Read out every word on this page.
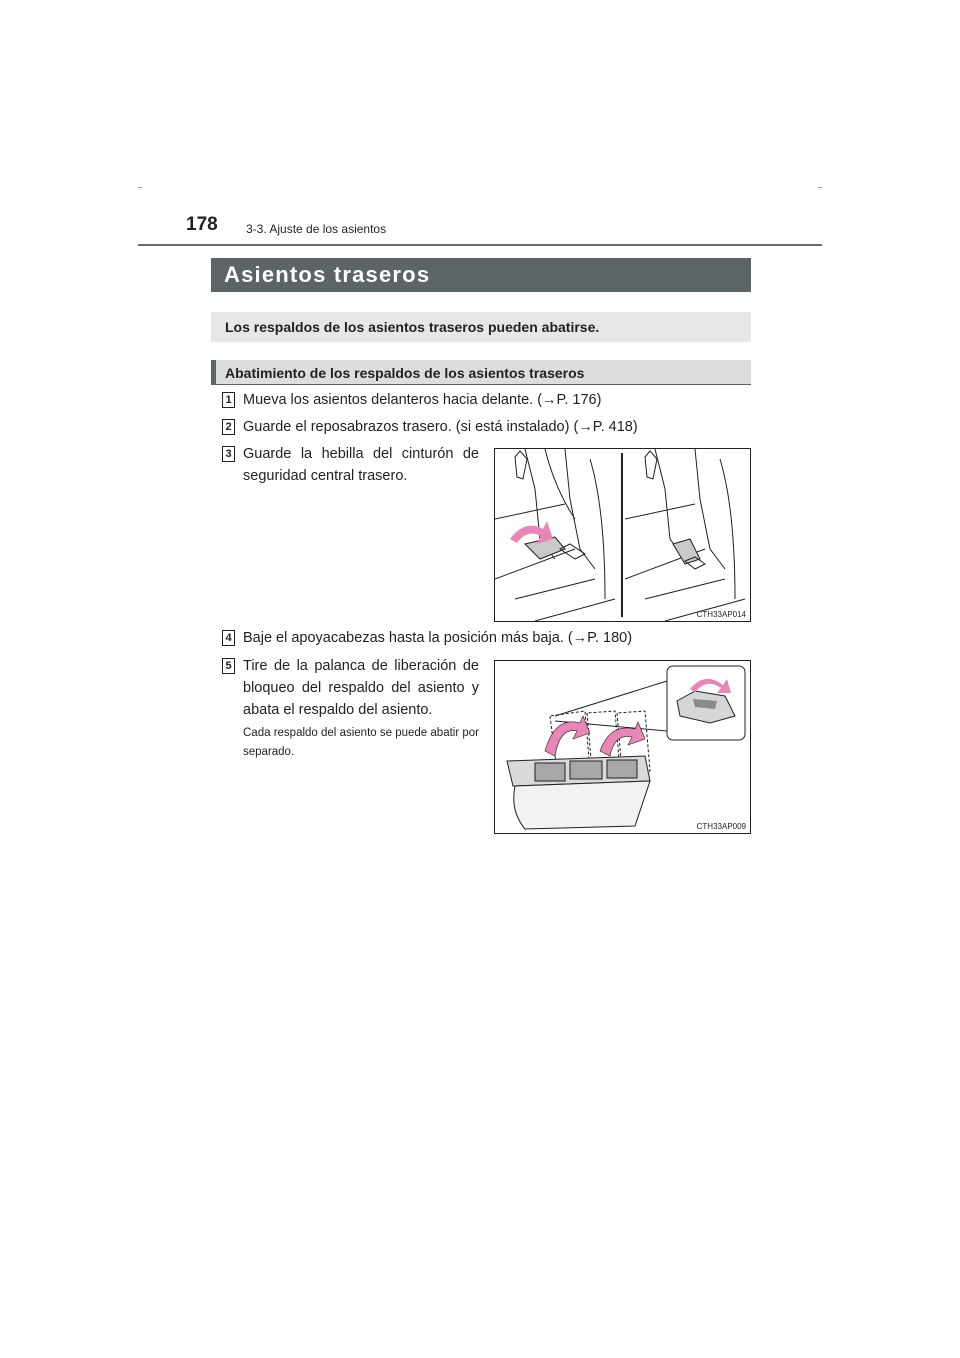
178 3-3. Ajuste de los asientos
Asientos traseros
Los respaldos de los asientos traseros pueden abatirse.
Abatimiento de los respaldos de los asientos traseros
1 Mueva los asientos delanteros hacia delante. (→P. 176)
2 Guarde el reposabrazos trasero. (si está instalado) (→P. 418)
3 Guarde la hebilla del cinturón de seguridad central trasero.
CTH33AP014
4 Baje el apoyacabezas hasta la posición más baja. (→P. 180)
5 Tire de la palanca de liberación de bloqueo del respaldo del asiento y abata el respaldo del asiento.
Cada respaldo del asiento se puede abatir por separado.
CTH33AP009
